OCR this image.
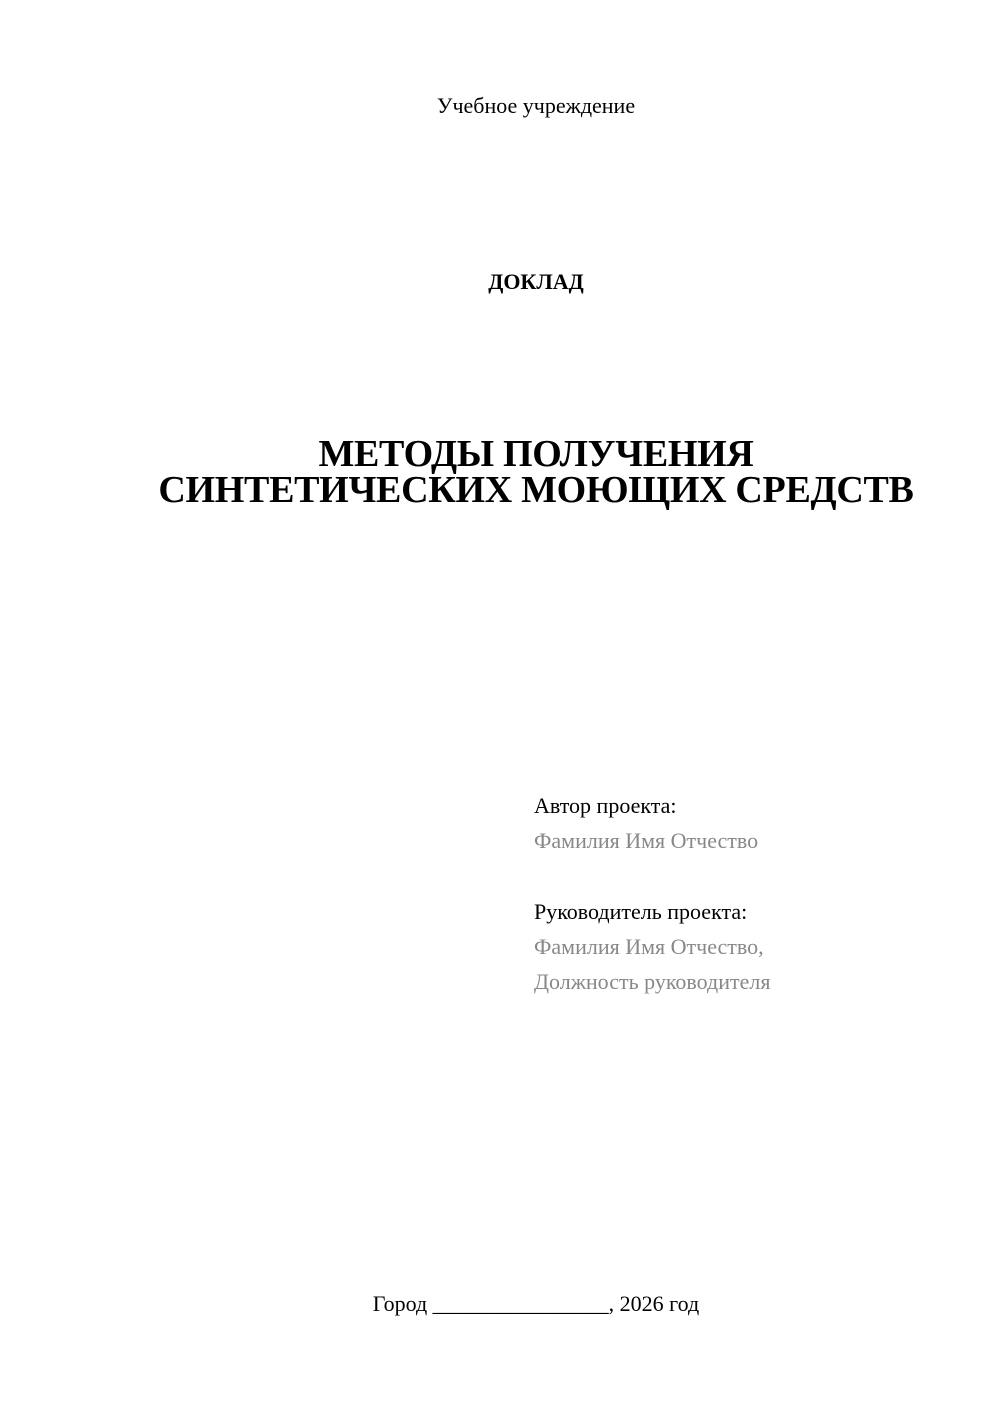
Учебное учреждение
ДОКЛАД
МЕТОДЫ ПОЛУЧЕНИЯ
СИНТЕТИЧЕСКИХ МОЮЩИХ СРЕДСТВ
Автор проекта:
Фамилия Имя Отчество
Руководитель проекта:
Фамилия Имя Отчество,
Должность руководителя
Город ________________, 2026 год
